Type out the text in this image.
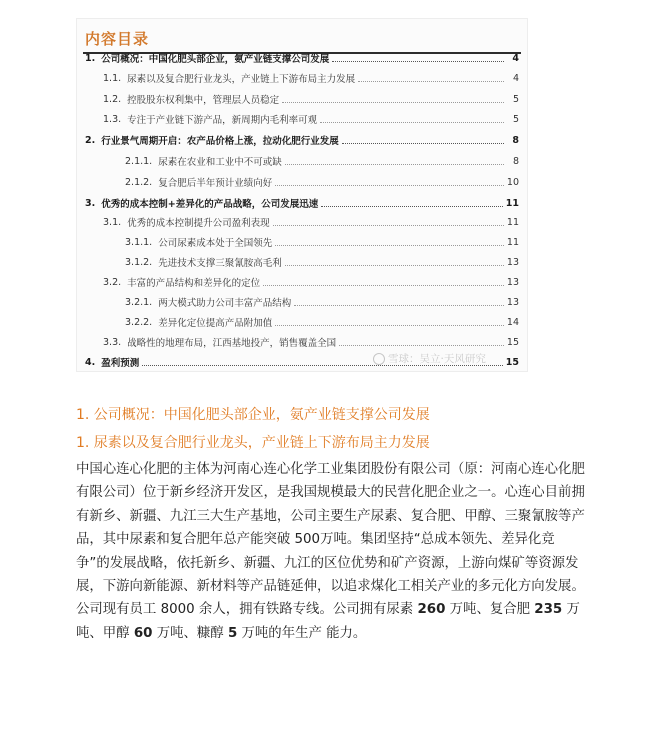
内容目录
1. 公司概况：中国化肥头部企业，氨产业链支撑公司发展	4
1.1. 尿素以及复合肥行业龙头，产业链上下游布局主力发展	4
1.2. 控股股东权利集中，管理层人员稳定	5
1.3. 专注于产业链下游产品，新周期内毛利率可观	5
2. 行业景气周期开启：农产品价格上涨，拉动化肥行业发展	8
2.1.1. 尿素在农业和工业中不可或缺	8
2.1.2. 复合肥后半年预计业绩向好	10
3. 优秀的成本控制+差异化的产品战略，公司发展迅速	11
3.1. 优秀的成本控制提升公司盈利表现	11
3.1.1. 公司尿素成本处于全国领先	11
3.1.2. 先进技术支撑三聚氰胺高毛利	13
3.2. 丰富的产品结构和差异化的定位	13
3.2.1. 两大模式助力公司丰富产品结构	13
3.2.2. 差异化定位提高产品附加值	14
3.3. 战略性的地理布局，江西基地投产，销售覆盖全国	15
4. 盈利预测	15
雪球：吴立·天风研究
1. 公司概况：中国化肥头部企业，氨产业链支撑公司发展
1. 尿素以及复合肥行业龙头，产业链上下游布局主力发展
中国心连心化肥的主体为河南心连心化学工业集团股份有限公司（原：河南心连心化肥有限公司）位于新乡经济开发区，是我国规模最大的民营化肥企业之一。心连心目前拥有新乡、新疆、九江三大生产基地，公司主要生产尿素、复合肥、甲醇、三聚氰胺等产品，其中尿素和复合肥年总产能突破 500万吨。集团坚持“总成本领先、差异化竞争”的发展战略，依托新乡、新疆、九江的区位优势和矿产资源，上游向煤矿等资源发展，下游向新能源、新材料等产品链延伸，以追求煤化工相关产业的多元化方向发展。公司现有员工 8000 余人，拥有铁路专线。公司拥有尿素 260 万吨、复合肥 235 万吨、甲醇 60 万吨、糠醇 5 万吨的年生产 能力。
